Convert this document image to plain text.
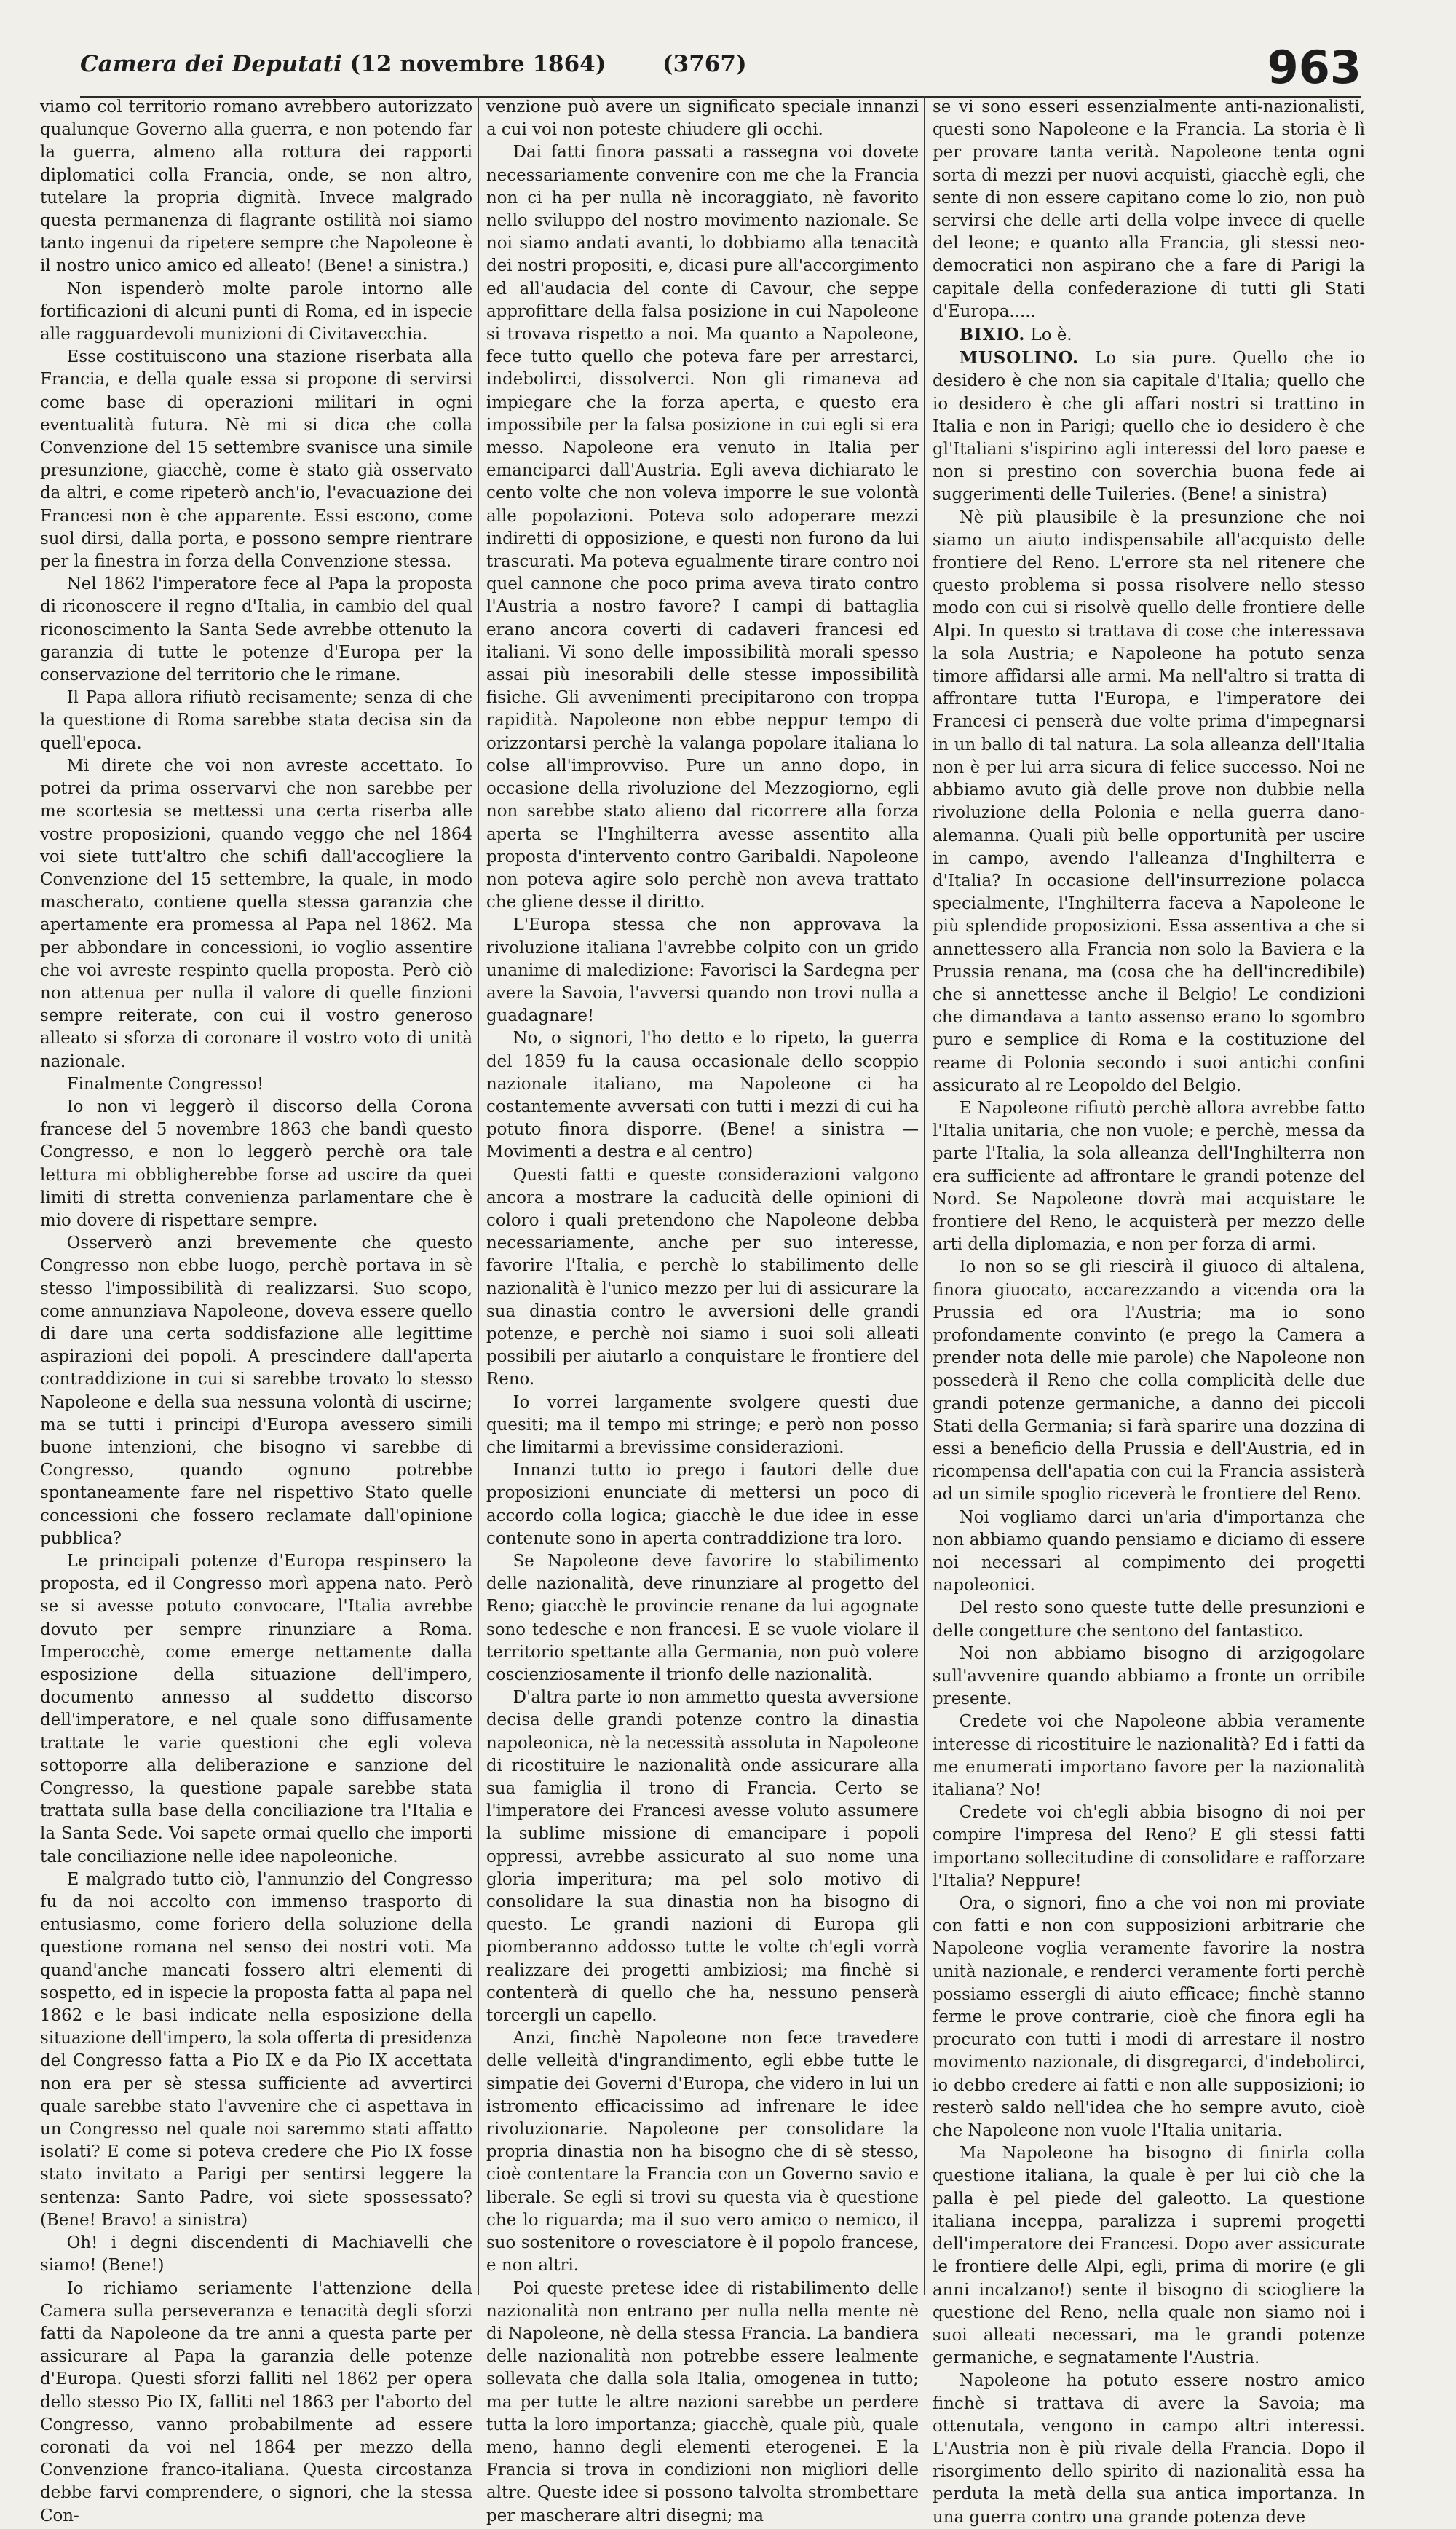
Camera dei Deputati (12 novembre 1864)	(3767)	963

viamo col territorio romano avrebbero autorizzato qualunque Governo alla guerra, e non potendo far la guerra, almeno alla rottura dei rapporti diplomatici colla Francia, onde, se non altro, tutelare la propria dignità. Invece malgrado questa permanenza di flagrante ostilità noi siamo tanto ingenui da ripetere sempre che Napoleone è il nostro unico amico ed alleato! (Bene! a sinistra.)

Non ispenderò molte parole intorno alle fortificazioni di alcuni punti di Roma, ed in ispecie alle ragguardevoli munizioni di Civitavecchia.

Esse costituiscono una stazione riserbata alla Francia, e della quale essa si propone di servirsi come base di operazioni militari in ogni eventualità futura. Nè mi si dica che colla Convenzione del 15 settembre svanisce una simile presunzione, giacchè, come è stato già osservato da altri, e come ripeterò anch'io, l'evacuazione dei Francesi non è che apparente. Essi escono, come suol dirsi, dalla porta, e possono sempre rientrare per la finestra in forza della Convenzione stessa.

Nel 1862 l'imperatore fece al Papa la proposta di riconoscere il regno d'Italia, in cambio del qual riconoscimento la Santa Sede avrebbe ottenuto la garanzia di tutte le potenze d'Europa per la conservazione del territorio che le rimane.

Il Papa allora rifiutò recisamente; senza di che la questione di Roma sarebbe stata decisa sin da quell'epoca.

Mi direte che voi non avreste accettato. Io potrei da prima osservarvi che non sarebbe per me scortesia se mettessi una certa riserba alle vostre proposizioni, quando veggo che nel 1864 voi siete tutt'altro che schifi dall'accogliere la Convenzione del 15 settembre, la quale, in modo mascherato, contiene quella stessa garanzia che apertamente era promessa al Papa nel 1862. Ma per abbondare in concessioni, io voglio assentire che voi avreste respinto quella proposta. Però ciò non attenua per nulla il valore di quelle finzioni sempre reiterate, con cui il vostro generoso alleato si sforza di coronare il vostro voto di unità nazionale.

Finalmente Congresso!

Io non vi leggerò il discorso della Corona francese del 5 novembre 1863 che bandì questo Congresso, e non lo leggerò perchè ora tale lettura mi obbligherebbe forse ad uscire da quei limiti di stretta convenienza parlamentare che è mio dovere di rispettare sempre.

Osserverò anzi brevemente che questo Congresso non ebbe luogo, perchè portava in sè stesso l'impossibilità di realizzarsi. Suo scopo, come annunziava Napoleone, doveva essere quello di dare una certa soddisfazione alle legittime aspirazioni dei popoli. A prescindere dall'aperta contraddizione in cui si sarebbe trovato lo stesso Napoleone e della sua nessuna volontà di uscirne; ma se tutti i principi d'Europa avessero simili buone intenzioni, che bisogno vi sarebbe di Congresso, quando ognuno potrebbe spontaneamente fare nel rispettivo Stato quelle concessioni che fossero reclamate dall'opinione pubblica?

Le principali potenze d'Europa respinsero la proposta, ed il Congresso morì appena nato. Però se si avesse potuto convocare, l'Italia avrebbe dovuto per sempre rinunziare a Roma. Imperocchè, come emerge nettamente dalla esposizione della situazione dell'impero, documento annesso al suddetto discorso dell'imperatore, e nel quale sono diffusamente trattate le varie questioni che egli voleva sottoporre alla deliberazione e sanzione del Congresso, la questione papale sarebbe stata trattata sulla base della conciliazione tra l'Italia e la Santa Sede. Voi sapete ormai quello che importi tale conciliazione nelle idee napoleoniche.

E malgrado tutto ciò, l'annunzio del Congresso fu da noi accolto con immenso trasporto di entusiasmo, come foriero della soluzione della questione romana nel senso dei nostri voti. Ma quand'anche mancati fossero altri elementi di sospetto, ed in ispecie la proposta fatta al papa nel 1862 e le basi indicate nella esposizione della situazione dell'impero, la sola offerta di presidenza del Congresso fatta a Pio IX e da Pio IX accettata non era per sè stessa sufficiente ad avvertirci quale sarebbe stato l'avvenire che ci aspettava in un Congresso nel quale noi saremmo stati affatto isolati? E come si poteva credere che Pio IX fosse stato invitato a Parigi per sentirsi leggere la sentenza: Santo Padre, voi siete spossessato? (Bene! Bravo! a sinistra)

Oh! i degni discendenti di Machiavelli che siamo! (Bene!)

Io richiamo seriamente l'attenzione della Camera sulla perseveranza e tenacità degli sforzi fatti da Napoleone da tre anni a questa parte per assicurare al Papa la garanzia delle potenze d'Europa. Questi sforzi falliti nel 1862 per opera dello stesso Pio IX, falliti nel 1863 per l'aborto del Congresso, vanno probabilmente ad essere coronati da voi nel 1864 per mezzo della Convenzione franco-italiana. Questa circostanza debbe farvi comprendere, o signori, che la stessa Con-

venzione può avere un significato speciale innanzi a cui voi non poteste chiudere gli occhi.

Dai fatti finora passati a rassegna voi dovete necessariamente convenire con me che la Francia non ci ha per nulla nè incoraggiato, nè favorito nello sviluppo del nostro movimento nazionale. Se noi siamo andati avanti, lo dobbiamo alla tenacità dei nostri propositi, e, dicasi pure all'accorgimento ed all'audacia del conte di Cavour, che seppe approfittare della falsa posizione in cui Napoleone si trovava rispetto a noi. Ma quanto a Napoleone, fece tutto quello che poteva fare per arrestarci, indebolirci, dissolverci. Non gli rimaneva ad impiegare che la forza aperta, e questo era impossibile per la falsa posizione in cui egli si era messo. Napoleone era venuto in Italia per emanciparci dall'Austria. Egli aveva dichiarato le cento volte che non voleva imporre le sue volontà alle popolazioni. Poteva solo adoperare mezzi indiretti di opposizione, e questi non furono da lui trascurati. Ma poteva egualmente tirare contro noi quel cannone che poco prima aveva tirato contro l'Austria a nostro favore? I campi di battaglia erano ancora coverti di cadaveri francesi ed italiani. Vi sono delle impossibilità morali spesso assai più inesorabili delle stesse impossibilità fisiche. Gli avvenimenti precipitarono con troppa rapidità. Napoleone non ebbe neppur tempo di orizzontarsi perchè la valanga popolare italiana lo colse all'improvviso. Pure un anno dopo, in occasione della rivoluzione del Mezzogiorno, egli non sarebbe stato alieno dal ricorrere alla forza aperta se l'Inghilterra avesse assentito alla proposta d'intervento contro Garibaldi. Napoleone non poteva agire solo perchè non aveva trattato che gliene desse il diritto.

L'Europa stessa che non approvava la rivoluzione italiana l'avrebbe colpito con un grido unanime di maledizione: Favorisci la Sardegna per avere la Savoia, l'avversi quando non trovi nulla a guadagnare!

No, o signori, l'ho detto e lo ripeto, la guerra del 1859 fu la causa occasionale dello scoppio nazionale italiano, ma Napoleone ci ha costantemente avversati con tutti i mezzi di cui ha potuto finora disporre. (Bene! a sinistra — Movimenti a destra e al centro)

Questi fatti e queste considerazioni valgono ancora a mostrare la caducità delle opinioni di coloro i quali pretendono che Napoleone debba necessariamente, anche per suo interesse, favorire l'Italia, e perchè lo stabilimento delle nazionalità è l'unico mezzo per lui di assicurare la sua dinastia contro le avversioni delle grandi potenze, e perchè noi siamo i suoi soli alleati possibili per aiutarlo a conquistare le frontiere del Reno.

Io vorrei largamente svolgere questi due quesiti; ma il tempo mi stringe; e però non posso che limitarmi a brevissime considerazioni.

Innanzi tutto io prego i fautori delle due proposizioni enunciate di mettersi un poco di accordo colla logica; giacchè le due idee in esse contenute sono in aperta contraddizione tra loro.

Se Napoleone deve favorire lo stabilimento delle nazionalità, deve rinunziare al progetto del Reno; giacchè le provincie renane da lui agognate sono tedesche e non francesi. E se vuole violare il territorio spettante alla Germania, non può volere coscienziosamente il trionfo delle nazionalità.

D'altra parte io non ammetto questa avversione decisa delle grandi potenze contro la dinastia napoleonica, nè la necessità assoluta in Napoleone di ricostituire le nazionalità onde assicurare alla sua famiglia il trono di Francia. Certo se l'imperatore dei Francesi avesse voluto assumere la sublime missione di emancipare i popoli oppressi, avrebbe assicurato al suo nome una gloria imperitura; ma pel solo motivo di consolidare la sua dinastia non ha bisogno di questo. Le grandi nazioni di Europa gli piomberanno addosso tutte le volte ch'egli vorrà realizzare dei progetti ambiziosi; ma finchè si contenterà di quello che ha, nessuno penserà torcergli un capello.

Anzi, finchè Napoleone non fece travedere delle velleità d'ingrandimento, egli ebbe tutte le simpatie dei Governi d'Europa, che videro in lui un istromento efficacissimo ad infrenare le idee rivoluzionarie. Napoleone per consolidare la propria dinastia non ha bisogno che di sè stesso, cioè contentare la Francia con un Governo savio e liberale. Se egli si trovi su questa via è questione che lo riguarda; ma il suo vero amico o nemico, il suo sostenitore o rovesciatore è il popolo francese, e non altri.

Poi queste pretese idee di ristabilimento delle nazionalità non entrano per nulla nella mente nè di Napoleone, nè della stessa Francia. La bandiera delle nazionalità non potrebbe essere lealmente sollevata che dalla sola Italia, omogenea in tutto; ma per tutte le altre nazioni sarebbe un perdere tutta la loro importanza; giacchè, quale più, quale meno, hanno degli elementi eterogenei. E la Francia si trova in condizioni non migliori delle altre. Queste idee si possono talvolta strombettare per mascherare altri disegni; ma

se vi sono esseri essenzialmente anti-nazionalisti, questi sono Napoleone e la Francia. La storia è lì per provare tanta verità. Napoleone tenta ogni sorta di mezzi per nuovi acquisti, giacchè egli, che sente di non essere capitano come lo zio, non può servirsi che delle arti della volpe invece di quelle del leone; e quanto alla Francia, gli stessi neo-democratici non aspirano che a fare di Parigi la capitale della confederazione di tutti gli Stati d'Europa.....

BIXIO. Lo è.

MUSOLINO. Lo sia pure. Quello che io desidero è che non sia capitale d'Italia; quello che io desidero è che gli affari nostri si trattino in Italia e non in Parigi; quello che io desidero è che gl'Italiani s'ispirino agli interessi del loro paese e non si prestino con soverchia buona fede ai suggerimenti delle Tuileries. (Bene! a sinistra)

Nè più plausibile è la presunzione che noi siamo un aiuto indispensabile all'acquisto delle frontiere del Reno. L'errore sta nel ritenere che questo problema si possa risolvere nello stesso modo con cui si risolvè quello delle frontiere delle Alpi. In questo si trattava di cose che interessava la sola Austria; e Napoleone ha potuto senza timore affidarsi alle armi. Ma nell'altro si tratta di affrontare tutta l'Europa, e l'imperatore dei Francesi ci penserà due volte prima d'impegnarsi in un ballo di tal natura. La sola alleanza dell'Italia non è per lui arra sicura di felice successo. Noi ne abbiamo avuto già delle prove non dubbie nella rivoluzione della Polonia e nella guerra dano-alemanna. Quali più belle opportunità per uscire in campo, avendo l'alleanza d'Inghilterra e d'Italia? In occasione dell'insurrezione polacca specialmente, l'Inghilterra faceva a Napoleone le più splendide proposizioni. Essa assentiva a che si annettessero alla Francia non solo la Baviera e la Prussia renana, ma (cosa che ha dell'incredibile) che si annettesse anche il Belgio! Le condizioni che dimandava a tanto assenso erano lo sgombro puro e semplice di Roma e la costituzione del reame di Polonia secondo i suoi antichi confini assicurato al re Leopoldo del Belgio.

E Napoleone rifiutò perchè allora avrebbe fatto l'Italia unitaria, che non vuole; e perchè, messa da parte l'Italia, la sola alleanza dell'Inghilterra non era sufficiente ad affrontare le grandi potenze del Nord. Se Napoleone dovrà mai acquistare le frontiere del Reno, le acquisterà per mezzo delle arti della diplomazia, e non per forza di armi.

Io non so se gli riescirà il giuoco di altalena, finora giuocato, accarezzando a vicenda ora la Prussia ed ora l'Austria; ma io sono profondamente convinto (e prego la Camera a prender nota delle mie parole) che Napoleone non possederà il Reno che colla complicità delle due grandi potenze germaniche, a danno dei piccoli Stati della Germania; si farà sparire una dozzina di essi a beneficio della Prussia e dell'Austria, ed in ricompensa dell'apatia con cui la Francia assisterà ad un simile spoglio riceverà le frontiere del Reno.

Noi vogliamo darci un'aria d'importanza che non abbiamo quando pensiamo e diciamo di essere noi necessari al compimento dei progetti napoleonici.

Del resto sono queste tutte delle presunzioni e delle congetture che sentono del fantastico.

Noi non abbiamo bisogno di arzigogolare sull'avvenire quando abbiamo a fronte un orribile presente.

Credete voi che Napoleone abbia veramente interesse di ricostituire le nazionalità? Ed i fatti da me enumerati importano favore per la nazionalità italiana? No!

Credete voi ch'egli abbia bisogno di noi per compire l'impresa del Reno? E gli stessi fatti importano sollecitudine di consolidare e rafforzare l'Italia? Neppure!

Ora, o signori, fino a che voi non mi proviate con fatti e non con supposizioni arbitrarie che Napoleone voglia veramente favorire la nostra unità nazionale, e renderci veramente forti perchè possiamo essergli di aiuto efficace; finchè stanno ferme le prove contrarie, cioè che finora egli ha procurato con tutti i modi di arrestare il nostro movimento nazionale, di disgregarci, d'indebolirci, io debbo credere ai fatti e non alle supposizioni; io resterò saldo nell'idea che ho sempre avuto, cioè che Napoleone non vuole l'Italia unitaria.

Ma Napoleone ha bisogno di finirla colla questione italiana, la quale è per lui ciò che la palla è pel piede del galeotto. La questione italiana inceppa, paralizza i supremi progetti dell'imperatore dei Francesi. Dopo aver assicurate le frontiere delle Alpi, egli, prima di morire (e gli anni incalzano!) sente il bisogno di sciogliere la questione del Reno, nella quale non siamo noi i suoi alleati necessari, ma le grandi potenze germaniche, e segnatamente l'Austria.

Napoleone ha potuto essere nostro amico finchè si trattava di avere la Savoia; ma ottenutala, vengono in campo altri interessi. L'Austria non è più rivale della Francia. Dopo il risorgimento dello spirito di nazionalità essa ha perduta la metà della sua antica importanza. In una guerra contro una grande potenza deve
